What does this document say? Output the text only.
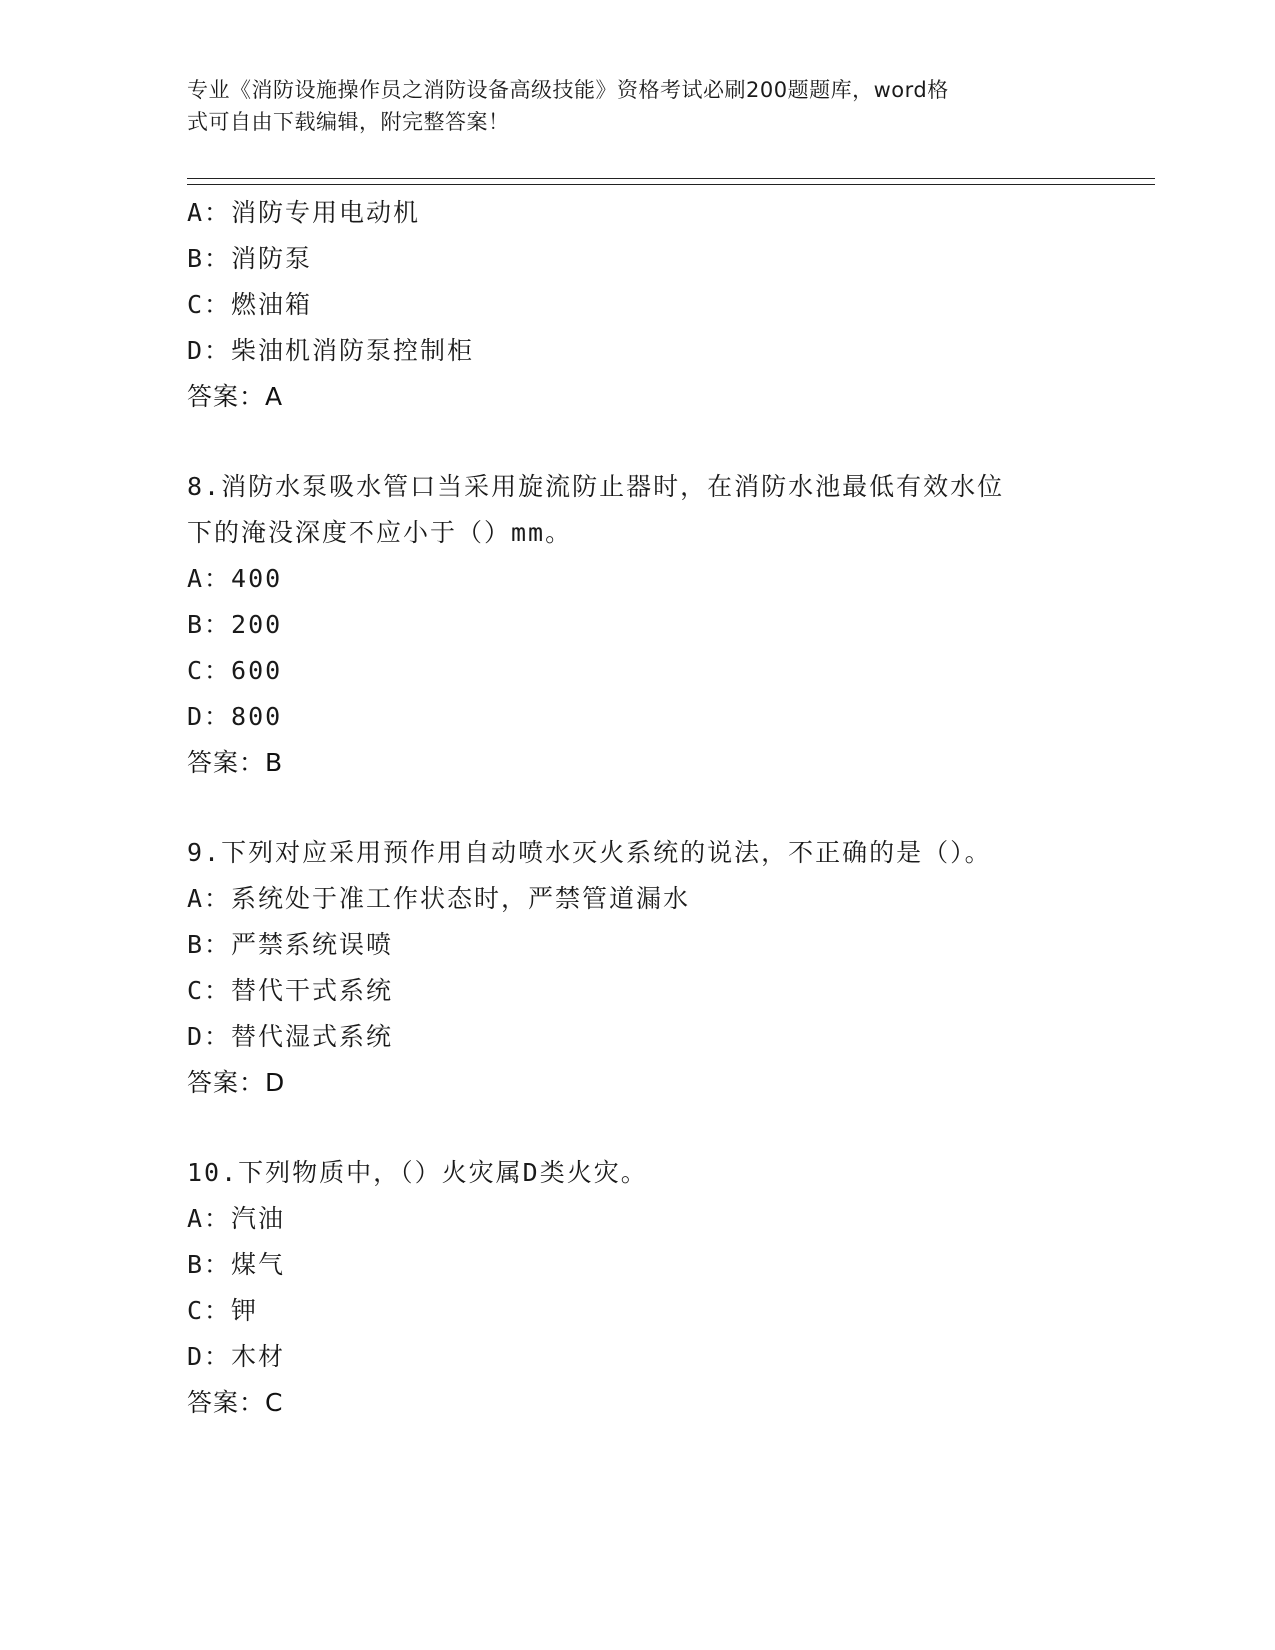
专业《消防设施操作员之消防设备高级技能》资格考试必刷200题题库，word格
式可自由下载编辑，附完整答案！
A：消防专用电动机
B：消防泵
C：燃油箱
D：柴油机消防泵控制柜
答案：A
8.消防水泵吸水管口当采用旋流防止器时，在消防水池最低有效水位
下的淹没深度不应小于（）mm。
A：400
B：200
C：600
D：800
答案：B
9.下列对应采用预作用自动喷水灭火系统的说法，不正确的是（）。
A：系统处于准工作状态时，严禁管道漏水
B：严禁系统误喷
C：替代干式系统
D：替代湿式系统
答案：D
10.下列物质中，（）火灾属D类火灾。
A：汽油
B：煤气
C：钾
D：木材
答案：C
